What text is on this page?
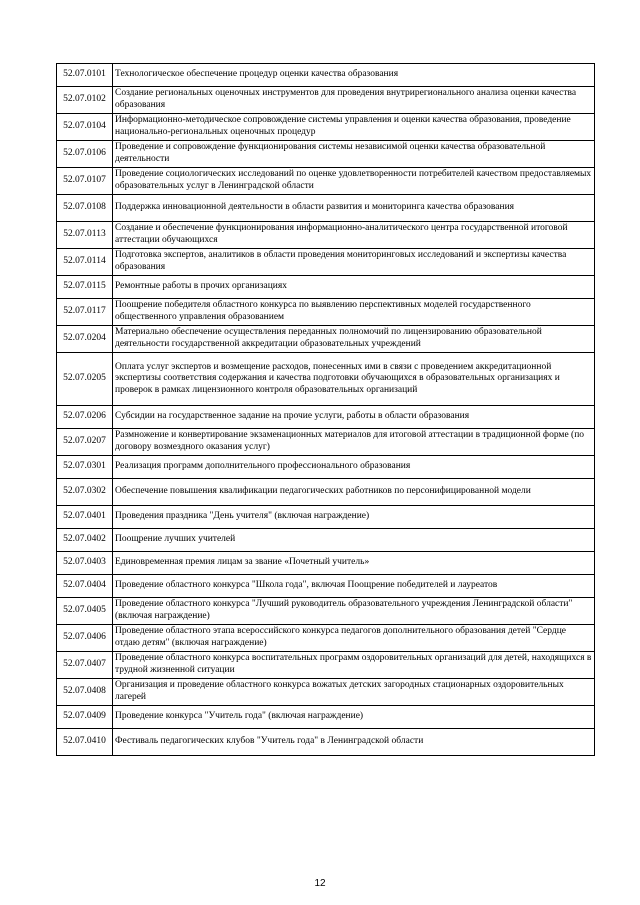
52.07.0101	Технологическое обеспечение процедур оценки качества образования
52.07.0102	Создание региональных оценочных инструментов для проведения внутрирегионального анализа оценки качества образования
52.07.0104	Информационно-методическое сопровождение системы управления и оценки качества образования, проведение национально-региональных оценочных процедур
52.07.0106	Проведение и сопровождение функционирования системы независимой оценки качества образовательной деятельности
52.07.0107	Проведение социологических исследований по оценке удовлетворенности потребителей качеством предоставляемых образовательных услуг в Ленинградской области
52.07.0108	Поддержка инновационной деятельности в области развития и мониторинга качества образования
52.07.0113	Создание и обеспечение функционирования информационно-аналитического центра государственной итоговой аттестации обучающихся
52.07.0114	Подготовка экспертов, аналитиков в области проведения мониторинговых исследований и экспертизы качества образования
52.07.0115	Ремонтные работы в прочих организациях
52.07.0117	Поощрение победителя областного конкурса по выявлению перспективных моделей государственного общественного управления образованием
52.07.0204	Материально обеспечение осуществления переданных полномочий по лицензированию образовательной деятельности государственной аккредитации образовательных учреждений
52.07.0205	Оплата услуг экспертов и возмещение расходов, понесенных ими в связи с проведением аккредитационной экспертизы соответствия содержания и качества подготовки обучающихся в образовательных организациях и проверок в рамках лицензионного контроля образовательных организаций
52.07.0206	Субсидии на государственное задание на прочие услуги, работы в области образования
52.07.0207	Размножение и конвертирование экзаменационных материалов для итоговой аттестации в традиционной форме (по договору возмездного оказания услуг)
52.07.0301	Реализация программ дополнительного профессионального образования
52.07.0302	Обеспечение повышения квалификации педагогических работников по персонифицированной модели
52.07.0401	Проведения праздника "День учителя" (включая награждение)
52.07.0402	Поощрение лучших учителей
52.07.0403	Единовременная премия лицам за звание «Почетный учитель»
52.07.0404	Проведение областного конкурса "Школа года", включая Поощрение победителей и лауреатов
52.07.0405	Проведение областного конкурса "Лучший руководитель образовательного учреждения Ленинградской области" (включая награждение)
52.07.0406	Проведение областного этапа всероссийского конкурса педагогов дополнительного образования детей "Сердце отдаю детям" (включая награждение)
52.07.0407	Проведение областного конкурса воспитательных программ оздоровительных организаций для детей, находящихся в трудной жизненной ситуации
52.07.0408	Организация и проведение областного конкурса вожатых детских загородных стационарных оздоровительных лагерей
52.07.0409	Проведение конкурса "Учитель года" (включая награждение)
52.07.0410	Фестиваль педагогических клубов "Учитель года" в Ленинградской области
12
